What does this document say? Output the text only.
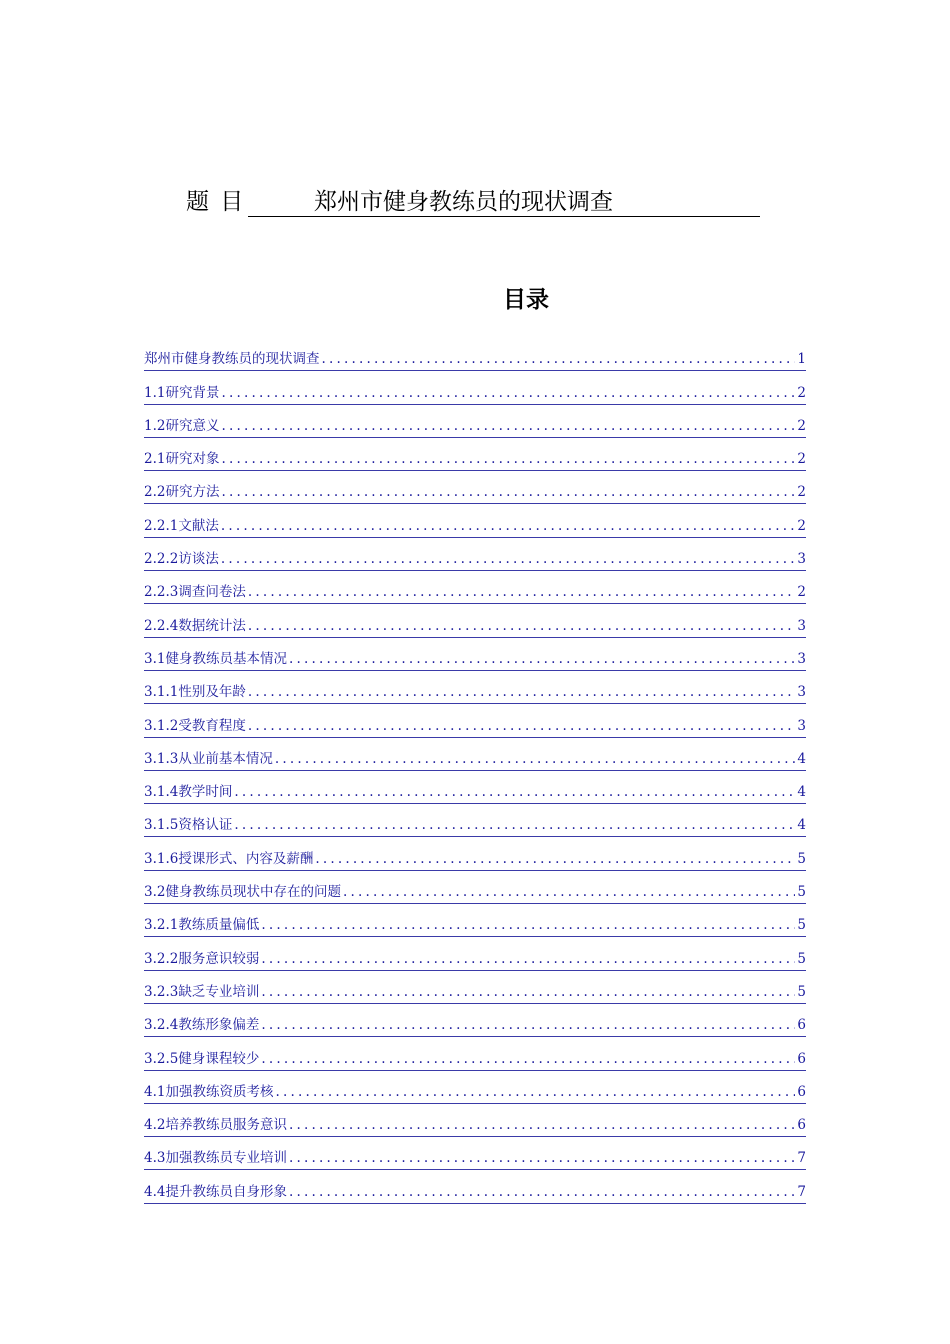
题 目	郑州市健身教练员的现状调查
目录
郑州市健身教练员的现状调查 .....	1
1.1研究背景 .....	2
1.2研究意义 .....	2
2.1研究对象 .....	2
2.2研究方法 .....	2
2.2.1文献法 .....	2
2.2.2访谈法 .....	3
2.2.3调查问卷法 .....	2
2.2.4数据统计法 .....	3
3.1健身教练员基本情况 .....	3
3.1.1性别及年龄 .....	3
3.1.2受教育程度 .....	3
3.1.3从业前基本情况 .....	4
3.1.4教学时间 .....	4
3.1.5资格认证 .....	4
3.1.6授课形式、内容及薪酬 .....	5
3.2健身教练员现状中存在的问题 .....	5
3.2.1教练质量偏低 .....	5
3.2.2服务意识较弱 .....	5
3.2.3缺乏专业培训 .....	5
3.2.4教练形象偏差 .....	6
3.2.5健身课程较少 .....	6
4.1加强教练资质考核 .....	6
4.2培养教练员服务意识 .....	6
4.3加强教练员专业培训 .....	7
4.4提升教练员自身形象 .....	7
